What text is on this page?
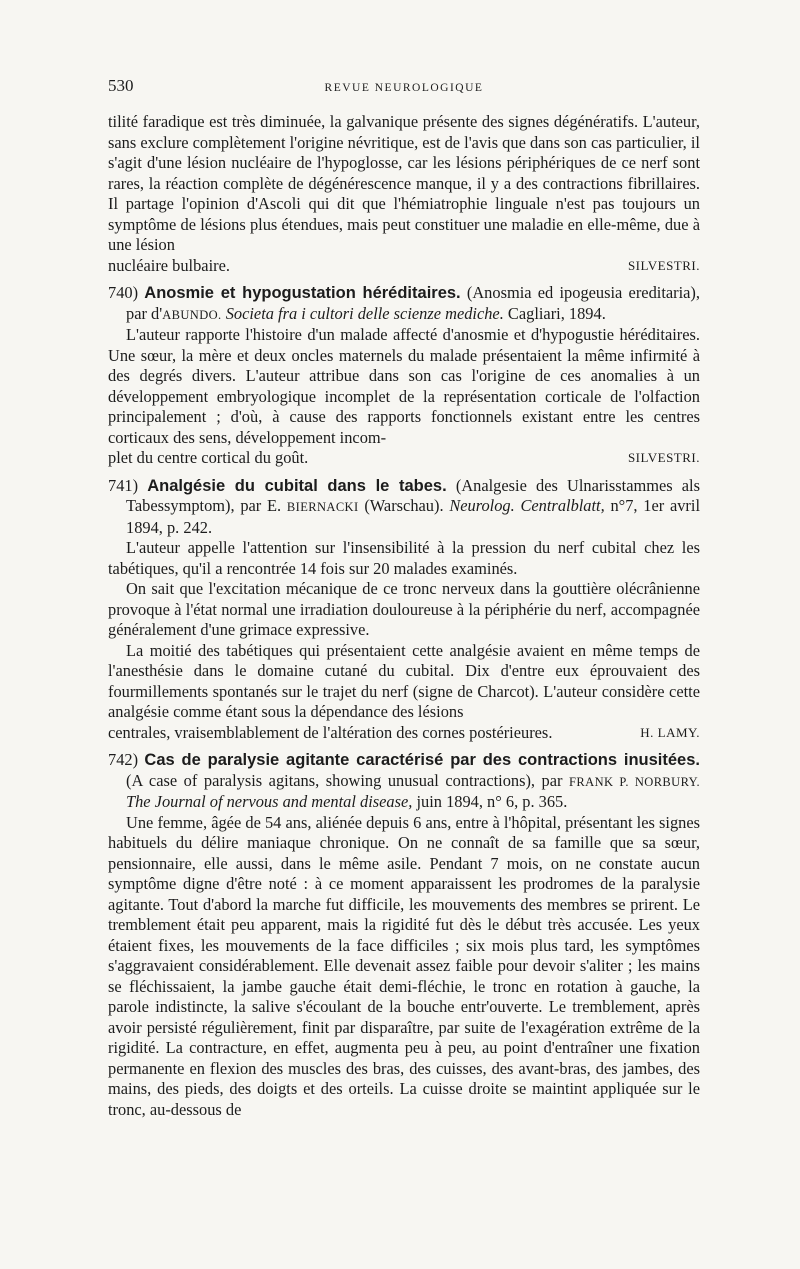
530	REVUE NEUROLOGIQUE

tilité faradique est très diminuée, la galvanique présente des signes dégénératifs. L'auteur, sans exclure complètement l'origine névritique, est de l'avis que dans son cas particulier, il s'agit d'une lésion nucléaire de l'hypoglosse, car les lésions périphériques de ce nerf sont rares, la réaction complète de dégénérescence manque, il y a des contractions fibrillaires. Il partage l'opinion d'Ascoli qui dit que l'hémiatrophie linguale n'est pas toujours un symptôme de lésions plus étendues, mais peut constituer une maladie en elle-même, due à une lésion

nucléaire bulbaire.	SILVESTRI.

740) Anosmie et hypogustation héréditaires. (Anosmia ed ipogeusia ereditaria), par d'ABUNDO. Societa fra i cultori delle scienze mediche. Cagliari, 1894.

L'auteur rapporte l'histoire d'un malade affecté d'anosmie et d'hypogustie héréditaires. Une sœur, la mère et deux oncles maternels du malade présentaient la même infirmité à des degrés divers. L'auteur attribue dans son cas l'origine de ces anomalies à un développement embryologique incomplet de la représentation corticale de l'olfaction principalement ; d'où, à cause des rapports fonctionnels existant entre les centres corticaux des sens, développement incom-

plet du centre cortical du goût.	SILVESTRI.

741) Analgésie du cubital dans le tabes. (Analgesie des Ulnarisstammes als Tabessymptom), par E. BIERNACKI (Warschau). Neurolog. Centralblatt, n°7, 1er avril 1894, p. 242.

L'auteur appelle l'attention sur l'insensibilité à la pression du nerf cubital chez les tabétiques, qu'il a rencontrée 14 fois sur 20 malades examinés.

On sait que l'excitation mécanique de ce tronc nerveux dans la gouttière olécrânienne provoque à l'état normal une irradiation douloureuse à la périphérie du nerf, accompagnée généralement d'une grimace expressive.

La moitié des tabétiques qui présentaient cette analgésie avaient en même temps de l'anesthésie dans le domaine cutané du cubital. Dix d'entre eux éprouvaient des fourmillements spontanés sur le trajet du nerf (signe de Charcot). L'auteur considère cette analgésie comme étant sous la dépendance des lésions

centrales, vraisemblablement de l'altération des cornes postérieures.	H. LAMY.

742) Cas de paralysie agitante caractérisé par des contractions inusitées. (A case of paralysis agitans, showing unusual contractions), par FRANK P. NORBURY. The Journal of nervous and mental disease, juin 1894, n° 6, p. 365.

Une femme, âgée de 54 ans, aliénée depuis 6 ans, entre à l'hôpital, présentant les signes habituels du délire maniaque chronique. On ne connaît de sa famille que sa sœur, pensionnaire, elle aussi, dans le même asile. Pendant 7 mois, on ne constate aucun symptôme digne d'être noté : à ce moment apparaissent les prodromes de la paralysie agitante. Tout d'abord la marche fut difficile, les mouvements des membres se prirent. Le tremblement était peu apparent, mais la rigidité fut dès le début très accusée. Les yeux étaient fixes, les mouvements de la face difficiles ; six mois plus tard, les symptômes s'aggravaient considérablement. Elle devenait assez faible pour devoir s'aliter ; les mains se fléchissaient, la jambe gauche était demi-fléchie, le tronc en rotation à gauche, la parole indistincte, la salive s'écoulant de la bouche entr'ouverte. Le tremblement, après avoir persisté régulièrement, finit par disparaître, par suite de l'exagération extrême de la rigidité. La contracture, en effet, augmenta peu à peu, au point d'entraîner une fixation permanente en flexion des muscles des bras, des cuisses, des avant-bras, des jambes, des mains, des pieds, des doigts et des orteils. La cuisse droite se maintint appliquée sur le tronc, au-dessous de
